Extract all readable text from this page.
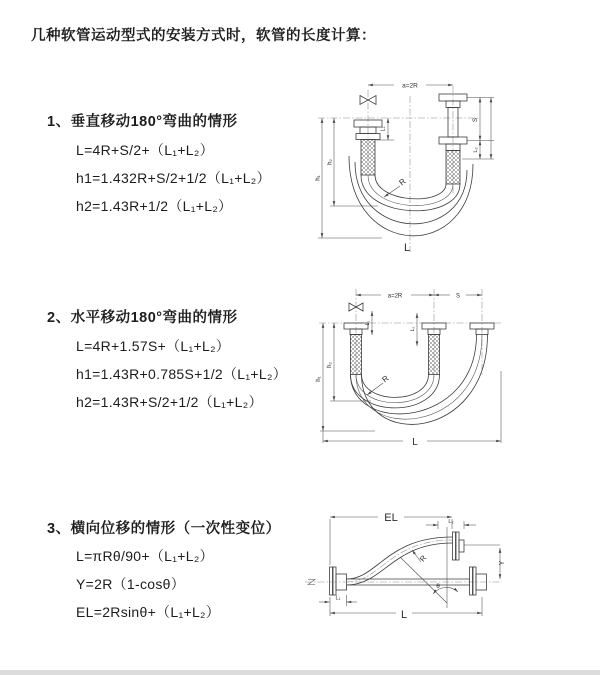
几种软管运动型式的安装方式时，软管的长度计算：
1、垂直移动180°弯曲的情形
L=4R+S/2+（L₁+L₂）
h1=1.432R+S/2+1/2（L₁+L₂）
h2=1.43R+1/2（L₁+L₂）
2、水平移动180°弯曲的情形
L=4R+1.57S+（L₁+L₂）
h1=1.43R+0.785S+1/2（L₁+L₂）
h2=1.43R+S/2+1/2（L₁+L₂）
3、横向位移的情形（一次性变位）
L=πRθ/90+（L₁+L₂）
Y=2R（1-cosθ）
EL=2Rsinθ+（L₁+L₂）
a=2R
h₁
h₂
L₁
S
L₂
R
L
a=2R	S
L₁
L₂
h₁
h₂
R
L
EL	L₂
Y
θ
R
L₁
L
